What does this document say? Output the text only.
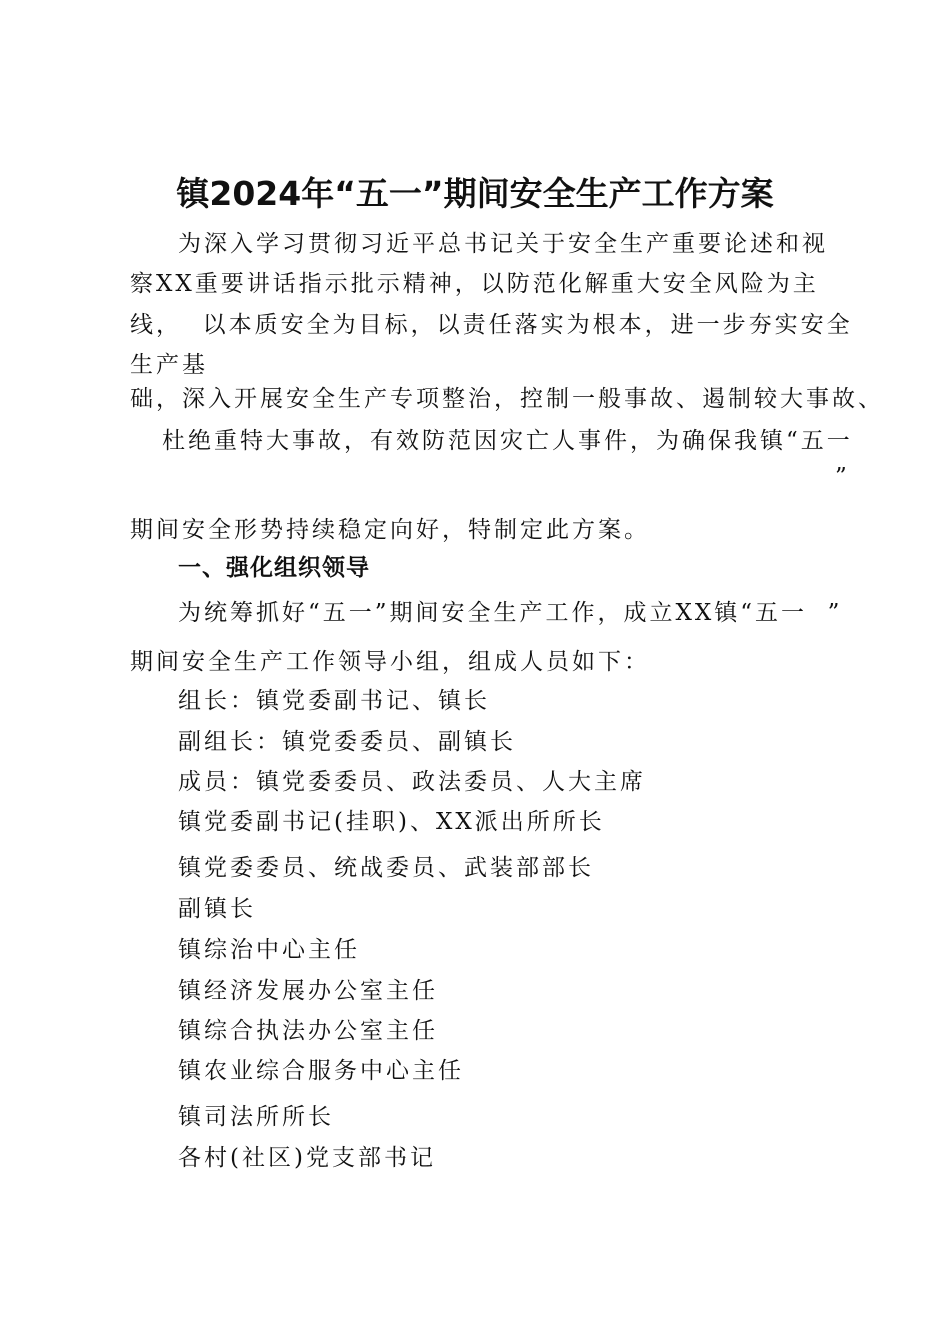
镇2024年“五一”期间安全生产工作方案
为深入学习贯彻习近平总书记关于安全生产重要论述和视
察XX重要讲话指示批示精神，以防范化解重大安全风险为主
线，  以本质安全为目标，以责任落实为根本，进一步夯实安全
生产基
础，深入开展安全生产专项整治，控制一般事故、遏制较大事故、
杜绝重特大事故，有效防范因灾亡人事件，为确保我镇“五一
”
期间安全形势持续稳定向好，特制定此方案。
一、强化组织领导
为统筹抓好“五一”期间安全生产工作，成立XX镇“五一  ”
期间安全生产工作领导小组，组成人员如下：
组长：镇党委副书记、镇长
副组长：镇党委委员、副镇长
成员：镇党委委员、政法委员、人大主席
镇党委副书记(挂职)、XX派出所所长
镇党委委员、统战委员、武装部部长
副镇长
镇综治中心主任
镇经济发展办公室主任
镇综合执法办公室主任
镇农业综合服务中心主任
镇司法所所长
各村(社区)党支部书记
